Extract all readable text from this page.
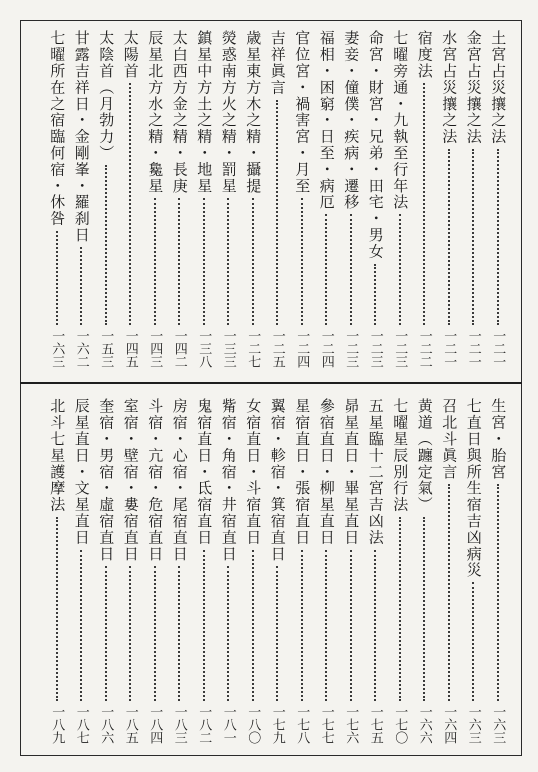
土宮占災攘之法
一二一
金宮占災攘之法
一二一
水宮占災攘之法
一二一
宿度法
一二二
七曜旁通・九執至行年法
一二三
命宮・財宮・兄弟・田宅・男女
一二三
妻妾・僮僕・疾病・遷移
一二三
福相・困窮・日至・病厄
一二四
官位宮・禍害宮・月至
一二四
吉祥眞言
一二五
歳星東方木之精・攝提
一二七
熒惑南方火之精・罰星
一三三
鎮星中方土之精・地星
一三八
太白西方金之精・長庚
一四二
辰星北方水之精・毚星
一四三
太陽首
一四五
太陰首（月勃力）
一五三
甘露吉祥日・金剛峯・羅刹日
一六二
七曜所在之宿臨何宿・休咎
一六三
生宮・胎宮
一六三
七直日與所生宿吉凶病災
一六三
召北斗眞言
一六四
黄道（躔定氣）
一六六
七曜星辰別行法
一七〇
五星臨十二宮吉凶法
一七五
昴星直日・畢星直日
一七六
參宿直日・柳星直日
一七七
星宿直日・張宿直日
一七八
翼宿・軫宿・箕宿直日
一七九
女宿直日・斗宿直日
一八〇
觜宿・角宿・井宿直日
一八一
鬼宿直日・氐宿直日
一八二
房宿・心宿・尾宿直日
一八三
斗宿・亢宿・危宿直日
一八四
室宿・壁宿・婁宿直日
一八五
奎宿・男宿・虛宿直日
一八六
辰星直日・文星直日
一八七
北斗七星護摩法
一八九
